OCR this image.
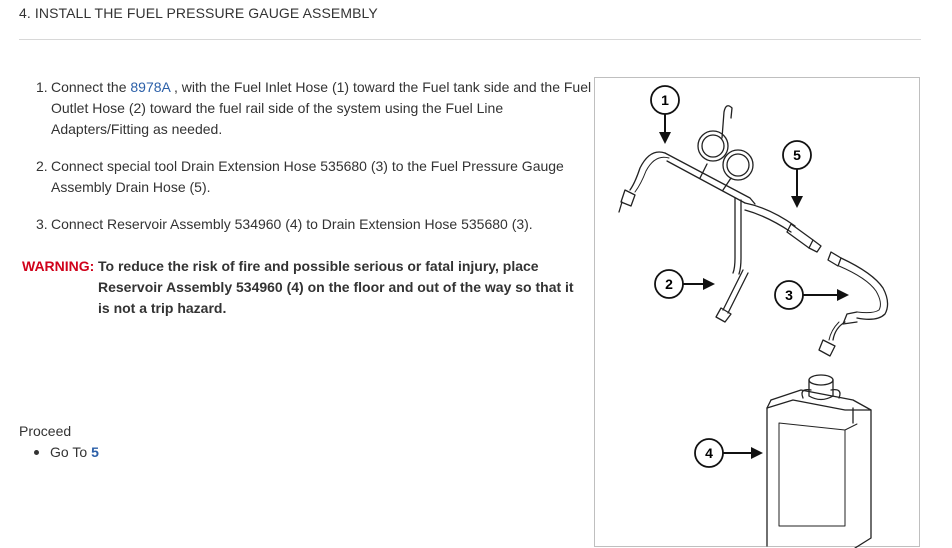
4. INSTALL THE FUEL PRESSURE GAUGE ASSEMBLY
1. Connect the 8978A , with the Fuel Inlet Hose (1) toward the Fuel tank side and the Fuel Outlet Hose (2) toward the fuel rail side of the system using the Fuel Line Adapters/Fitting as needed.
2. Connect special tool Drain Extension Hose 535680 (3) to the Fuel Pressure Gauge Assembly Drain Hose (5).
3. Connect Reservoir Assembly 534960 (4) to Drain Extension Hose 535680 (3).
WARNING: To reduce the risk of fire and possible serious or fatal injury, place Reservoir Assembly 534960 (4) on the floor and out of the way so that it is not a trip hazard.
Proceed
Go To 5
1
5
2
3
4
